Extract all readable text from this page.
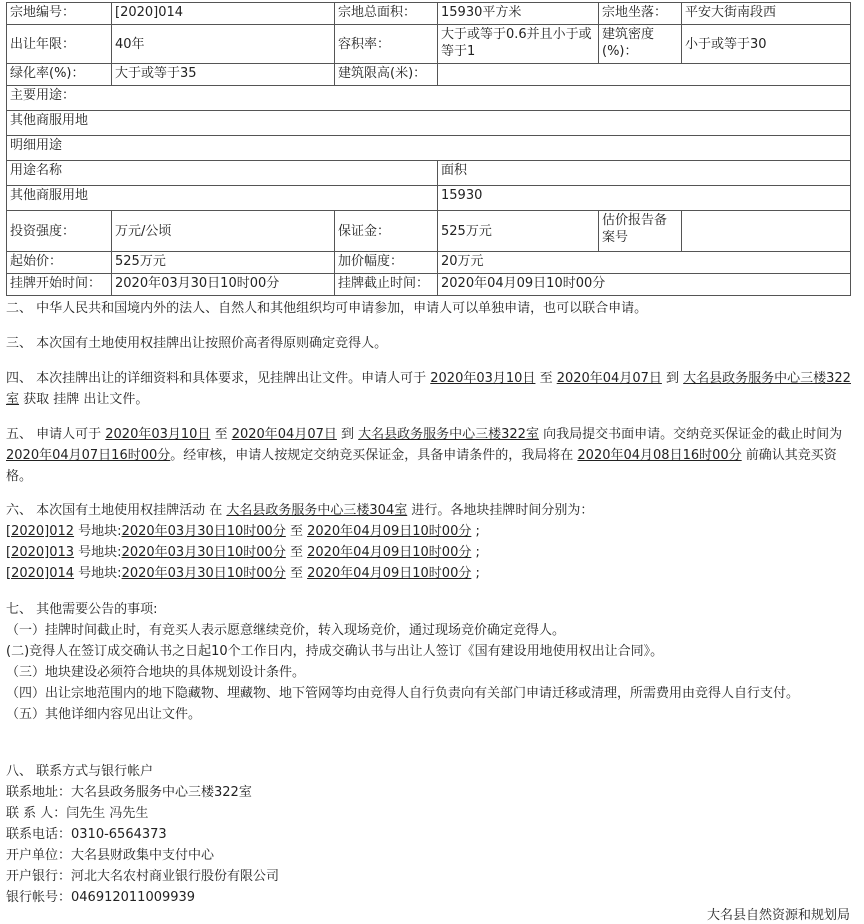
宗地编号：	[2020]014	宗地总面积：	15930平方米	宗地坐落：	平安大街南段西
出让年限：	40年	容积率：	大于或等于0.6并且小于或等于1	建筑密度(%)：	小于或等于30
绿化率(%)：	大于或等于35	建筑限高(米)：			
主要用途：					
其他商服用地					
明细用途					
用途名称			面积		
其他商服用地			15930		
投资强度：	万元/公顷	保证金：	525万元	估价报告备案号	
起始价：	525万元	加价幅度：	20万元		
挂牌开始时间：	2020年03月30日10时00分	挂牌截止时间：	2020年04月09日10时00分		
二、 中华人民共和国境内外的法人、自然人和其他组织均可申请参加，申请人可以单独申请，也可以联合申请。
三、 本次国有土地使用权挂牌出让按照价高者得原则确定竞得人。
四、 本次挂牌出让的详细资料和具体要求，见挂牌出让文件。申请人可于 2020年03月10日 至 2020年04月07日 到 大名县政务服务中心三楼322室 获取 挂牌 出让文件。
五、 申请人可于 2020年03月10日 至 2020年04月07日 到 大名县政务服务中心三楼322室 向我局提交书面申请。交纳竞买保证金的截止时间为2020年04月07日16时00分。经审核，申请人按规定交纳竞买保证金，具备申请条件的，我局将在 2020年04月08日16时00分 前确认其竞买资格。
六、 本次国有土地使用权挂牌活动 在 大名县政务服务中心三楼304室 进行。各地块挂牌时间分别为：
[2020]012 号地块:2020年03月30日10时00分 至 2020年04月09日10时00分 ;
[2020]013 号地块:2020年03月30日10时00分 至 2020年04月09日10时00分 ;
[2020]014 号地块:2020年03月30日10时00分 至 2020年04月09日10时00分 ;
七、 其他需要公告的事项:
（一）挂牌时间截止时，有竞买人表示愿意继续竞价，转入现场竞价，通过现场竞价确定竞得人。
(二)竞得人在签订成交确认书之日起10个工作日内，持成交确认书与出让人签订《国有建设用地使用权出让合同》。
（三）地块建设必须符合地块的具体规划设计条件。
（四）出让宗地范围内的地下隐藏物、埋藏物、地下管网等均由竞得人自行负责向有关部门申请迁移或清理，所需费用由竞得人自行支付。
（五）其他详细内容见出让文件。
八、 联系方式与银行帐户
联系地址：大名县政务服务中心三楼322室
联 系 人：闫先生 冯先生
联系电话：0310-6564373
开户单位：大名县财政集中支付中心
开户银行：河北大名农村商业银行股份有限公司
银行帐号：046912011009939
大名县自然资源和规划局
